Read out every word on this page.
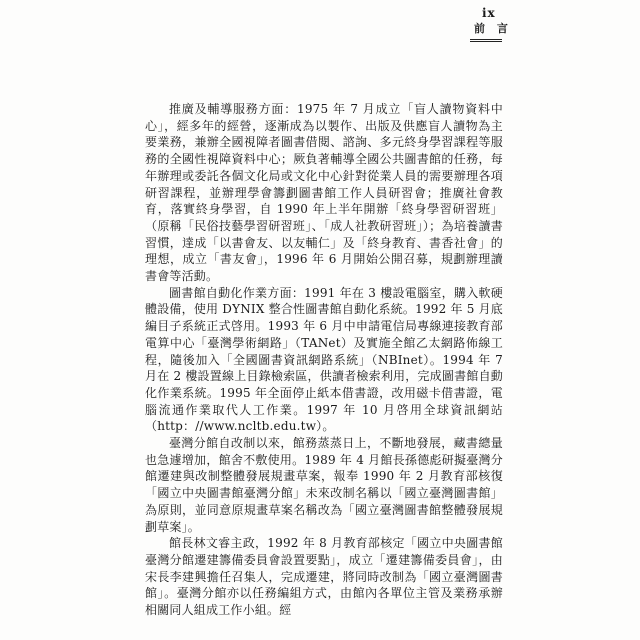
ix
前 言

推廣及輔導服務方面：1975 年 7 月成立「盲人讀物資料中心」，經多年的經營，逐漸成為以製作、出版及供應盲人讀物為主要業務，兼辦全國視障者圖書借閱、諮詢、多元終身學習課程等服務的全國性視障資料中心；厥負著輔導全國公共圖書館的任務，每年辦理或委託各個文化局或文化中心針對從業人員的需要辦理各項研習課程，並辦理學會籌劃圖書館工作人員研習會；推廣社會教育，落實終身學習，自 1990 年上半年開辦「終身學習研習班」（原稱「民俗技藝學習研習班」、「成人社教研習班」）；為培養讀書習慣，達成「以書會友、以友輔仁」及「終身教育、書香社會」的理想，成立「書友會」，1996 年 6 月開始公開召募，規劃辦理讀書會等活動。

圖書館自動化作業方面：1991 年在 3 樓設電腦室，購入軟硬體設備，使用 DYNIX 整合性圖書館自動化系統。1992 年 5 月底編目子系統正式啓用。1993 年 6 月中申請電信局專線連接教育部電算中心「臺灣學術網路」（TANet）及實施全館乙太網路佈線工程，隨後加入「全國圖書資訊網路系統」（NBInet）。1994 年 7 月在 2 樓設置線上目錄檢索區，供讀者檢索利用，完成圖書館自動化作業系統。1995 年全面停止紙本借書證，改用磁卡借書證，電腦流通作業取代人工作業。1997 年 10 月啓用全球資訊網站（http：//www.ncltb.edu.tw）。

臺灣分館自改制以來，館務蒸蒸日上，不斷地發展，藏書總量也急遽增加，館舍不敷使用。1989 年 4 月館長孫德彪研擬臺灣分館遷建與改制整體發展規畫草案，報奉 1990 年 2 月教育部核復「國立中央圖書館臺灣分館」未來改制名稱以「國立臺灣圖書館」為原則，並同意原規畫草案名稱改為「國立臺灣圖書館整體發展規劃草案」。

館長林文睿主政，1992 年 8 月教育部核定「國立中央圖書館臺灣分館遷建籌備委員會設置要點」，成立「遷建籌備委員會」，由宋長李建興擔任召集人，完成遷建，將同時改制為「國立臺灣圖書館」。臺灣分館亦以任務編組方式，由館內各單位主管及業務承辦相關同人組成工作小組。經
